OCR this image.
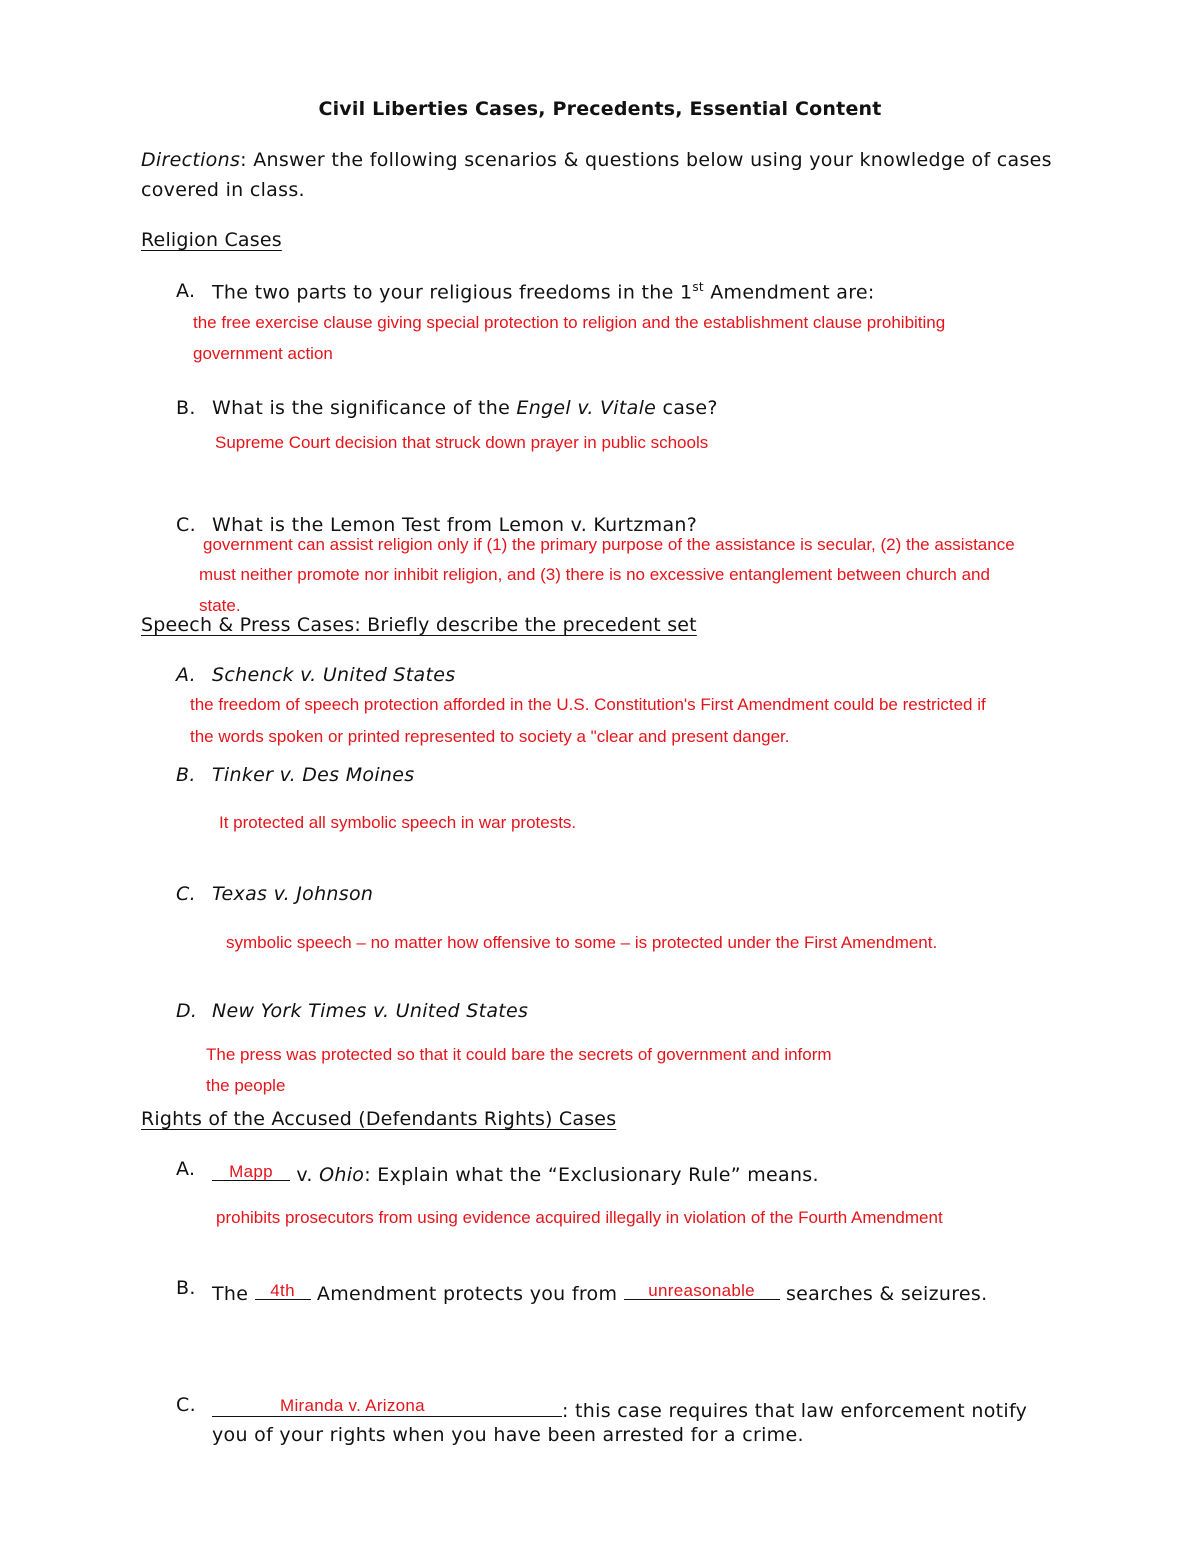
Civil Liberties Cases, Precedents, Essential Content
Directions: Answer the following scenarios & questions below using your knowledge of cases
covered in class.
Religion Cases
A. The two parts to your religious freedoms in the 1st Amendment are:
the free exercise clause giving special protection to religion and the establishment clause prohibiting
government action
B. What is the significance of the Engel v. Vitale case?
Supreme Court decision that struck down prayer in public schools
C. What is the Lemon Test from Lemon v. Kurtzman?
government can assist religion only if (1) the primary purpose of the assistance is secular, (2) the assistance
must neither promote nor inhibit religion, and (3) there is no excessive entanglement between church and
state.
Speech & Press Cases: Briefly describe the precedent set
A. Schenck v. United States
the freedom of speech protection afforded in the U.S. Constitution's First Amendment could be restricted if
the words spoken or printed represented to society a "clear and present danger.
B. Tinker v. Des Moines
It protected all symbolic speech in war protests.
C. Texas v. Johnson
symbolic speech – no matter how offensive to some – is protected under the First Amendment.
D. New York Times v. United States
The press was protected so that it could bare the secrets of government and inform
the people
Rights of the Accused (Defendants Rights) Cases
A.	Mapp v. Ohio: Explain what the “Exclusionary Rule” means.
prohibits prosecutors from using evidence acquired illegally in violation of the Fourth Amendment
B. The 4th Amendment protects you from	unreasonable	searches & seizures.
C.	Miranda v. Arizona	: this case requires that law enforcement notify
you of your rights when you have been arrested for a crime.
